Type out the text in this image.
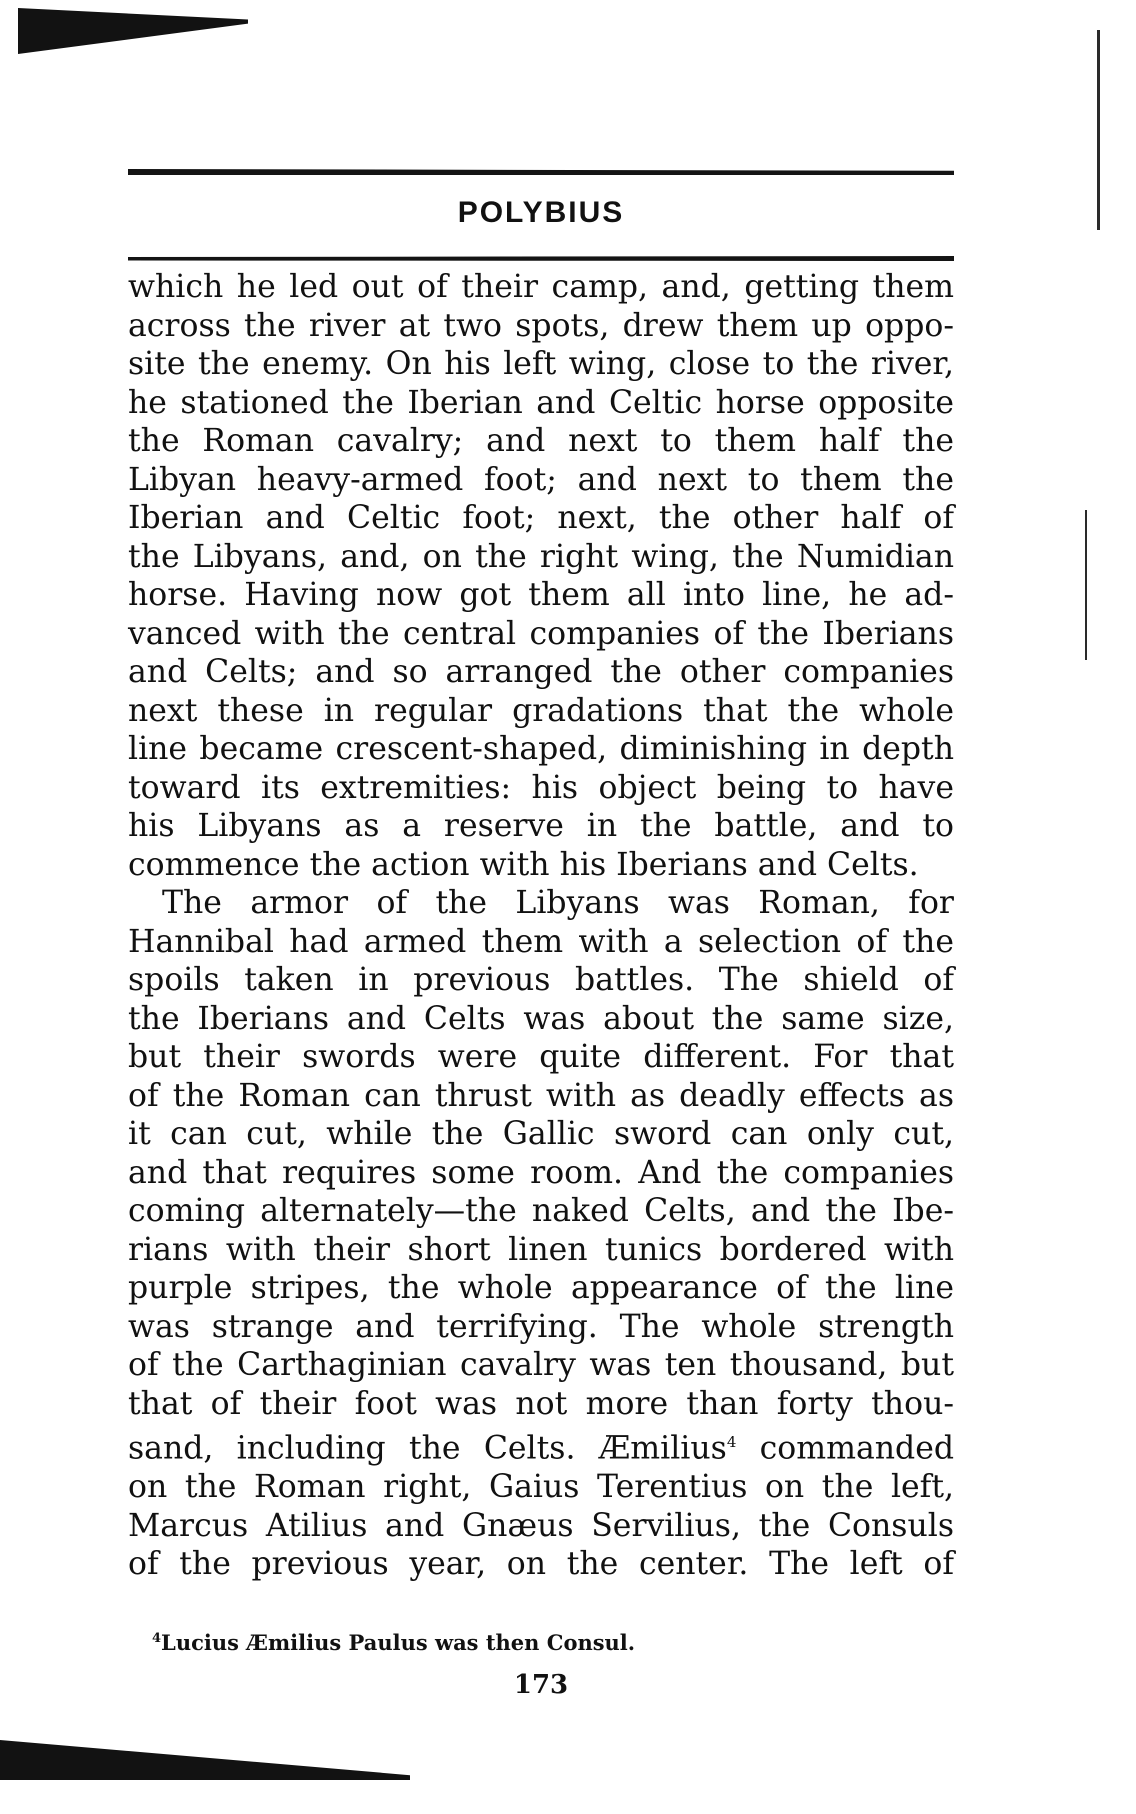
POLYBIUS
which he led out of their camp, and, getting them
across the river at two spots, drew them up oppo-
site the enemy. On his left wing, close to the river,
he stationed the Iberian and Celtic horse opposite
the Roman cavalry; and next to them half the
Libyan heavy-armed foot; and next to them the
Iberian and Celtic foot; next, the other half of
the Libyans, and, on the right wing, the Numidian
horse. Having now got them all into line, he ad-
vanced with the central companies of the Iberians
and Celts; and so arranged the other companies
next these in regular gradations that the whole
line became crescent-shaped, diminishing in depth
toward its extremities: his object being to have
his Libyans as a reserve in the battle, and to
commence the action with his Iberians and Celts.
The armor of the Libyans was Roman, for
Hannibal had armed them with a selection of the
spoils taken in previous battles. The shield of
the Iberians and Celts was about the same size,
but their swords were quite different. For that
of the Roman can thrust with as deadly effects as
it can cut, while the Gallic sword can only cut,
and that requires some room. And the companies
coming alternately—the naked Celts, and the Ibe-
rians with their short linen tunics bordered with
purple stripes, the whole appearance of the line
was strange and terrifying. The whole strength
of the Carthaginian cavalry was ten thousand, but
that of their foot was not more than forty thou-
sand, including the Celts. Æmilius$^4$ commanded
on the Roman right, Gaius Terentius on the left,
Marcus Atilius and Gnæus Servilius, the Consuls
of the previous year, on the center. The left of
$^4$Lucius Æmilius Paulus was then Consul.
173
